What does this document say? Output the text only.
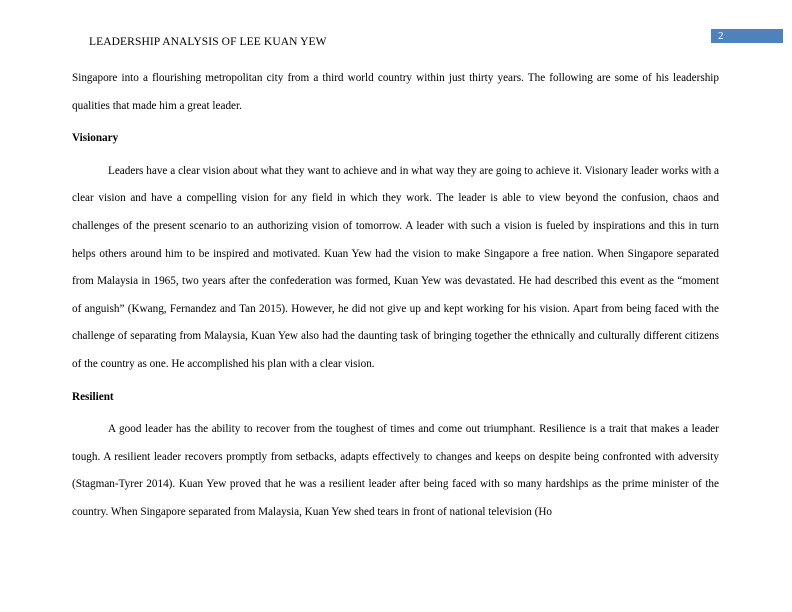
2
LEADERSHIP ANALYSIS OF LEE KUAN YEW

Singapore into a flourishing metropolitan city from a third world country within just thirty years. The following are some of his leadership qualities that made him a great leader.

Visionary

Leaders have a clear vision about what they want to achieve and in what way they are going to achieve it. Visionary leader works with a clear vision and have a compelling vision for any field in which they work. The leader is able to view beyond the confusion, chaos and challenges of the present scenario to an authorizing vision of tomorrow. A leader with such a vision is fueled by inspirations and this in turn helps others around him to be inspired and motivated. Kuan Yew had the vision to make Singapore a free nation. When Singapore separated from Malaysia in 1965, two years after the confederation was formed, Kuan Yew was devastated. He had described this event as the “moment of anguish” (Kwang, Fernandez and Tan 2015). However, he did not give up and kept working for his vision. Apart from being faced with the challenge of separating from Malaysia, Kuan Yew also had the daunting task of bringing together the ethnically and culturally different citizens of the country as one. He accomplished his plan with a clear vision.

Resilient

A good leader has the ability to recover from the toughest of times and come out triumphant. Resilience is a trait that makes a leader tough. A resilient leader recovers promptly from setbacks, adapts effectively to changes and keeps on despite being confronted with adversity (Stagman-Tyrer 2014). Kuan Yew proved that he was a resilient leader after being faced with so many hardships as the prime minister of the country. When Singapore separated from Malaysia, Kuan Yew shed tears in front of national television (Ho
